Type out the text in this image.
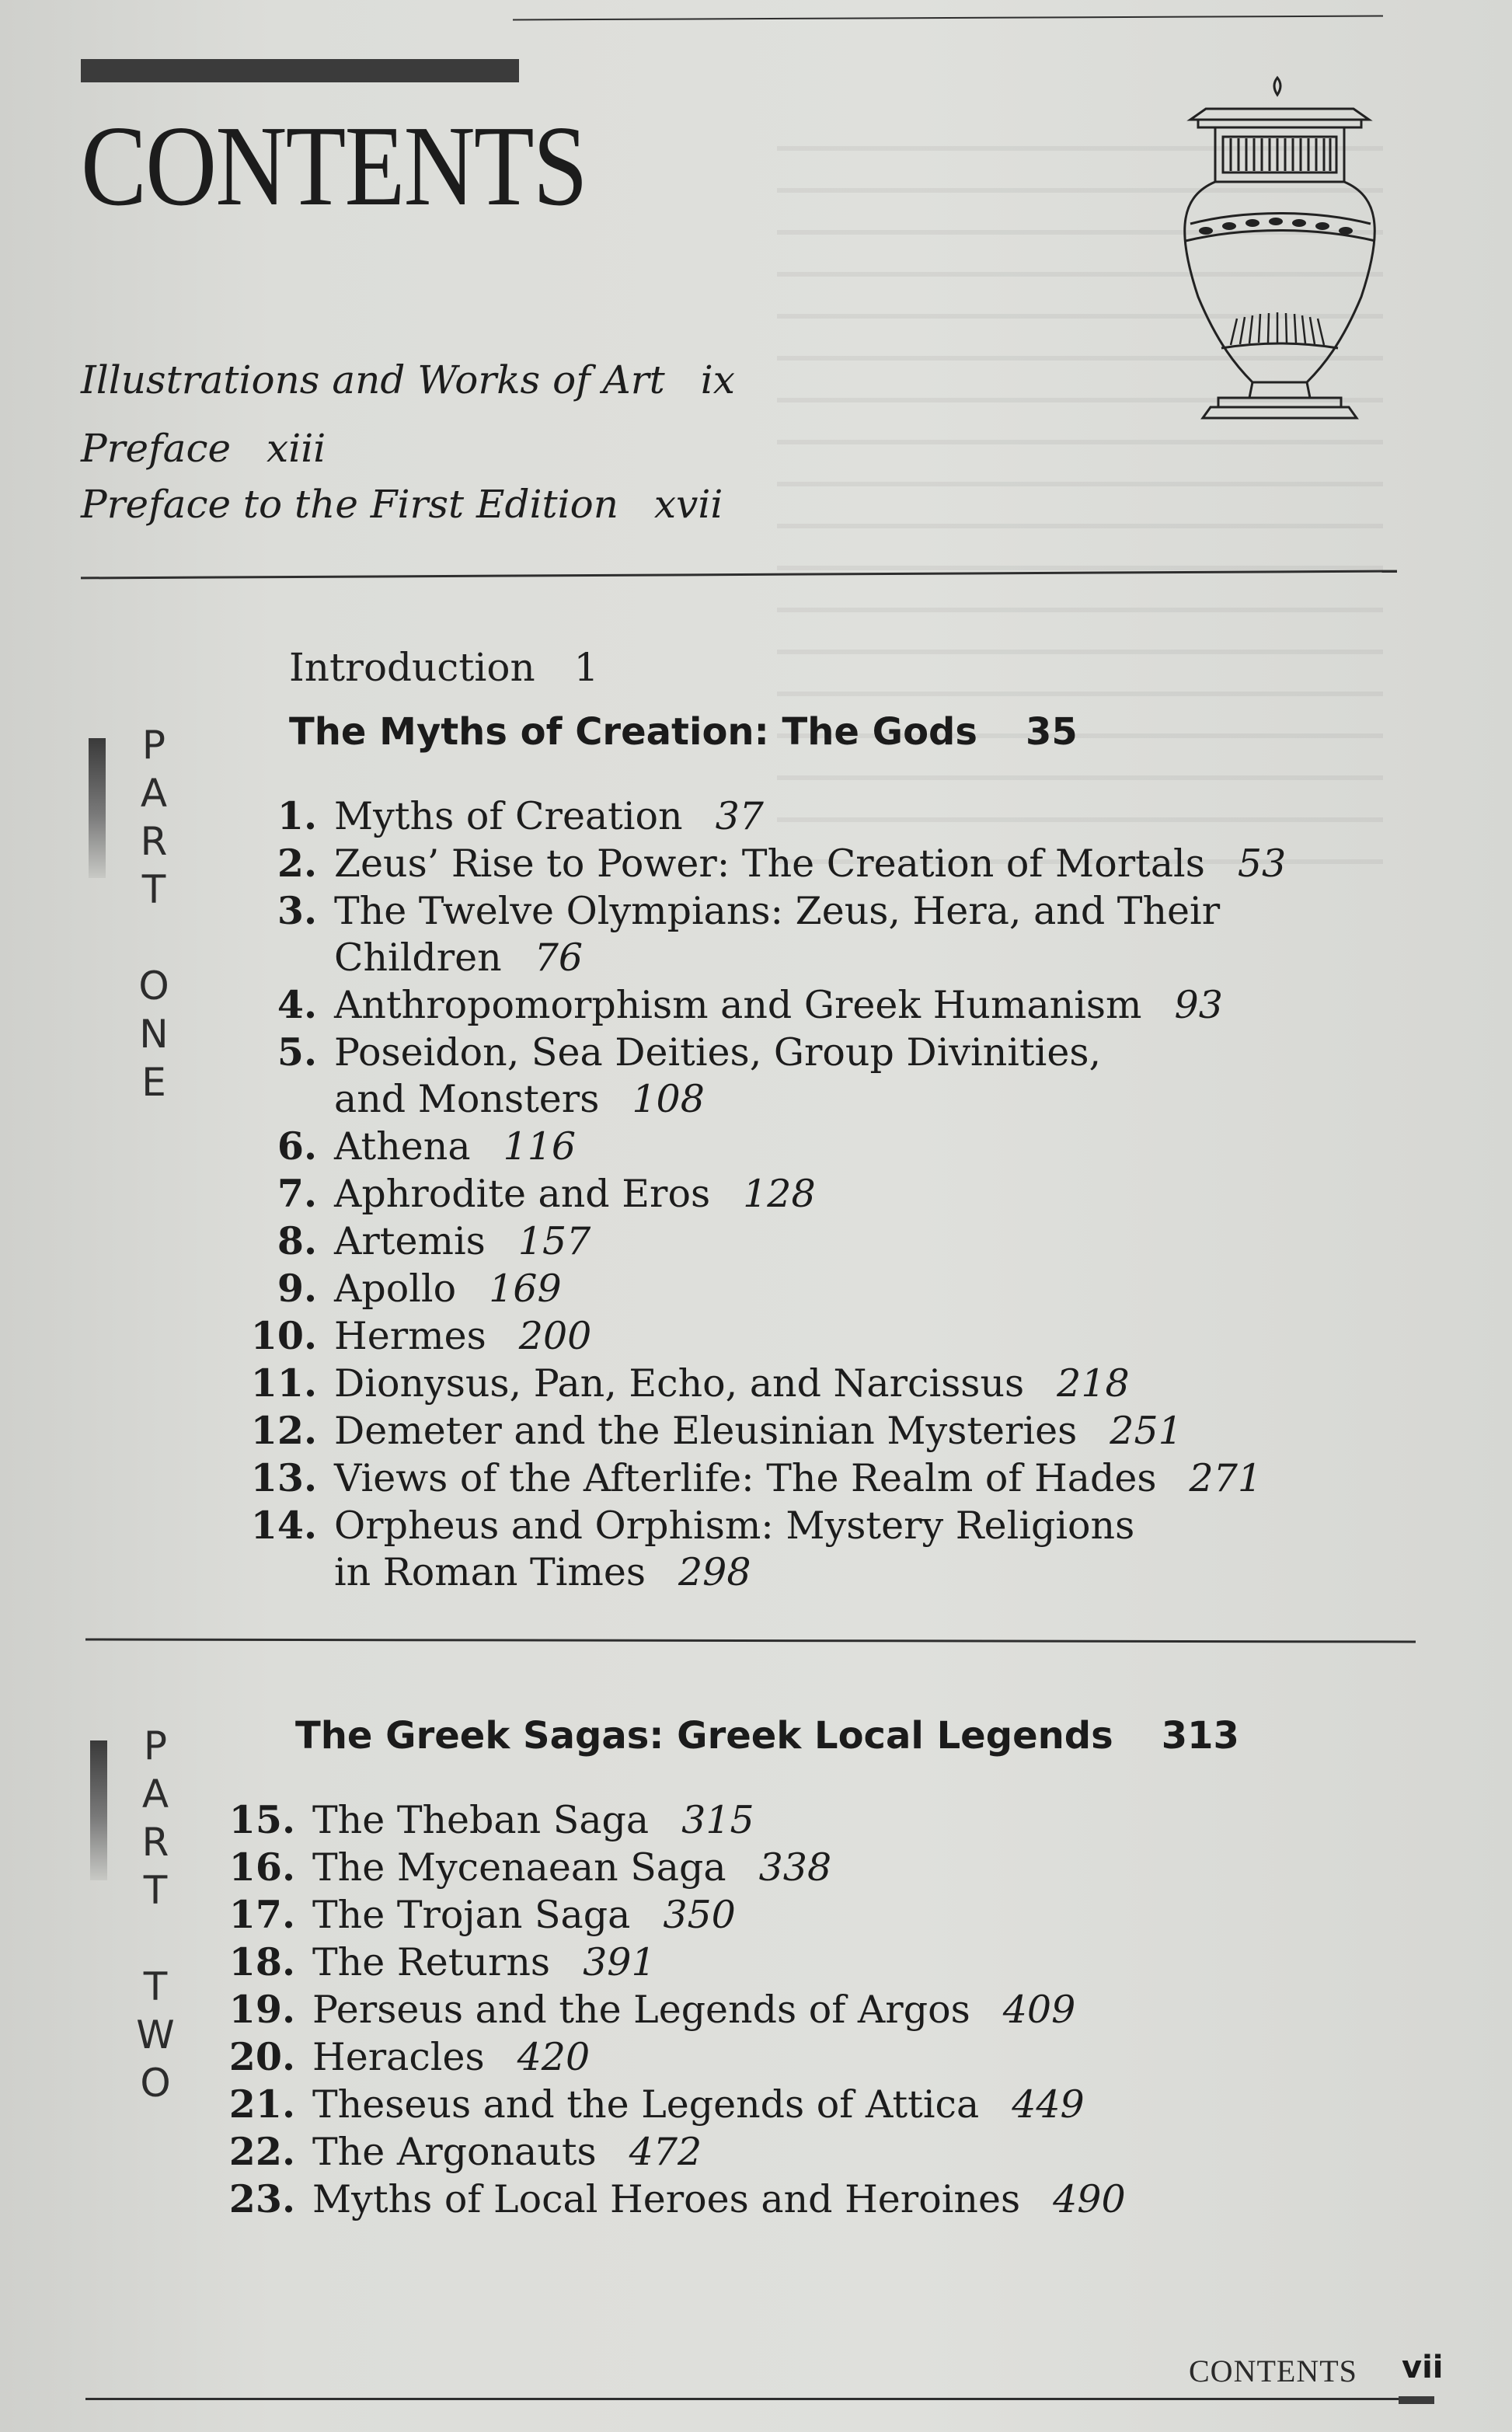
CONTENTS
Illustrations and Works of Art ix
Preface xiii
Preface to the First Edition xvii
Introduction 1
P
A
R
T
O
N
E
The Myths of Creation: The Gods 35
1. Myths of Creation 37
2. Zeus’ Rise to Power: The Creation of Mortals 53
3. The Twelve Olympians: Zeus, Hera, and Their
Children 76
4. Anthropomorphism and Greek Humanism 93
5. Poseidon, Sea Deities, Group Divinities,
and Monsters 108
6. Athena 116
7. Aphrodite and Eros 128
8. Artemis 157
9. Apollo 169
10. Hermes 200
11. Dionysus, Pan, Echo, and Narcissus 218
12. Demeter and the Eleusinian Mysteries 251
13. Views of the Afterlife: The Realm of Hades 271
14. Orpheus and Orphism: Mystery Religions
in Roman Times 298
P
A
R
T
T
W
O
The Greek Sagas: Greek Local Legends 313
15. The Theban Saga 315
16. The Mycenaean Saga 338
17. The Trojan Saga 350
18. The Returns 391
19. Perseus and the Legends of Argos 409
20. Heracles 420
21. Theseus and the Legends of Attica 449
22. The Argonauts 472
23. Myths of Local Heroes and Heroines 490
CONTENTS vii
